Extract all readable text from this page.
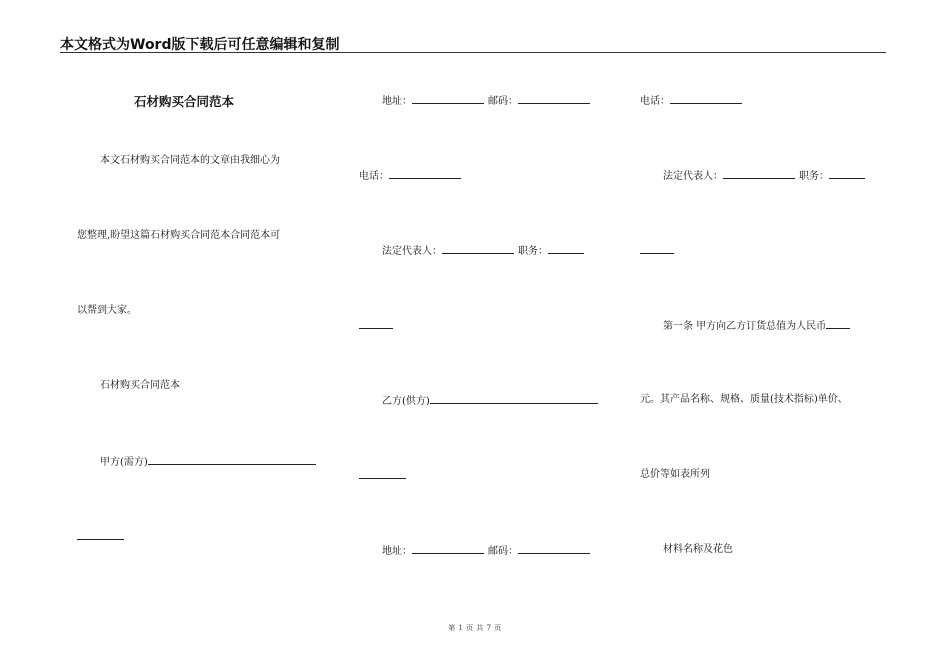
本文格式为Word版下载后可任意编辑和复制
石材购买合同范本
本文石材购买合同范本的文章由我细心为
您整理,盼望这篇石材购买合同范本合同范本可
以帮到大家。
石材购买合同范本
甲方(需方)
地址：	邮码：
电话：
法定代表人：	职务：
乙方(供方)
地址：	邮码：
电话：
法定代表人：	职务：
第一条 甲方向乙方订货总值为人民币
元。其产品名称、规格、质量(技术指标)单价、
总价等如表所列
材料名称及花色
第 1 页 共 7 页
